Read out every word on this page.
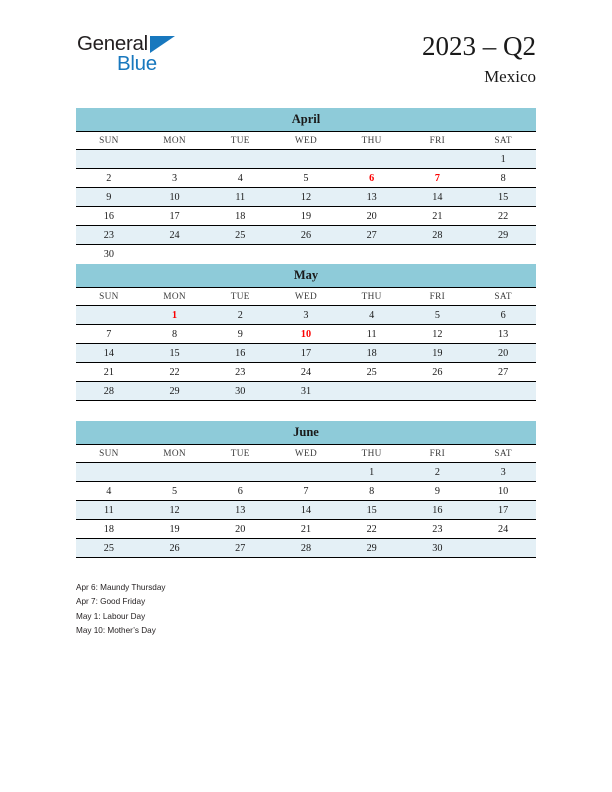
General
Blue
2023 – Q2
Mexico
April						
SUN	MON	TUE	WED	THU	FRI	SAT
						1
2	3	4	5	6	7	8
9	10	11	12	13	14	15
16	17	18	19	20	21	22
23	24	25	26	27	28	29
30						
May						
SUN	MON	TUE	WED	THU	FRI	SAT
	1	2	3	4	5	6
7	8	9	10	11	12	13
14	15	16	17	18	19	20
21	22	23	24	25	26	27
28	29	30	31			
June						
SUN	MON	TUE	WED	THU	FRI	SAT
				1	2	3
4	5	6	7	8	9	10
11	12	13	14	15	16	17
18	19	20	21	22	23	24
25	26	27	28	29	30	
Apr 6: Maundy Thursday
Apr 7: Good Friday
May 1: Labour Day
May 10: Mother’s Day
